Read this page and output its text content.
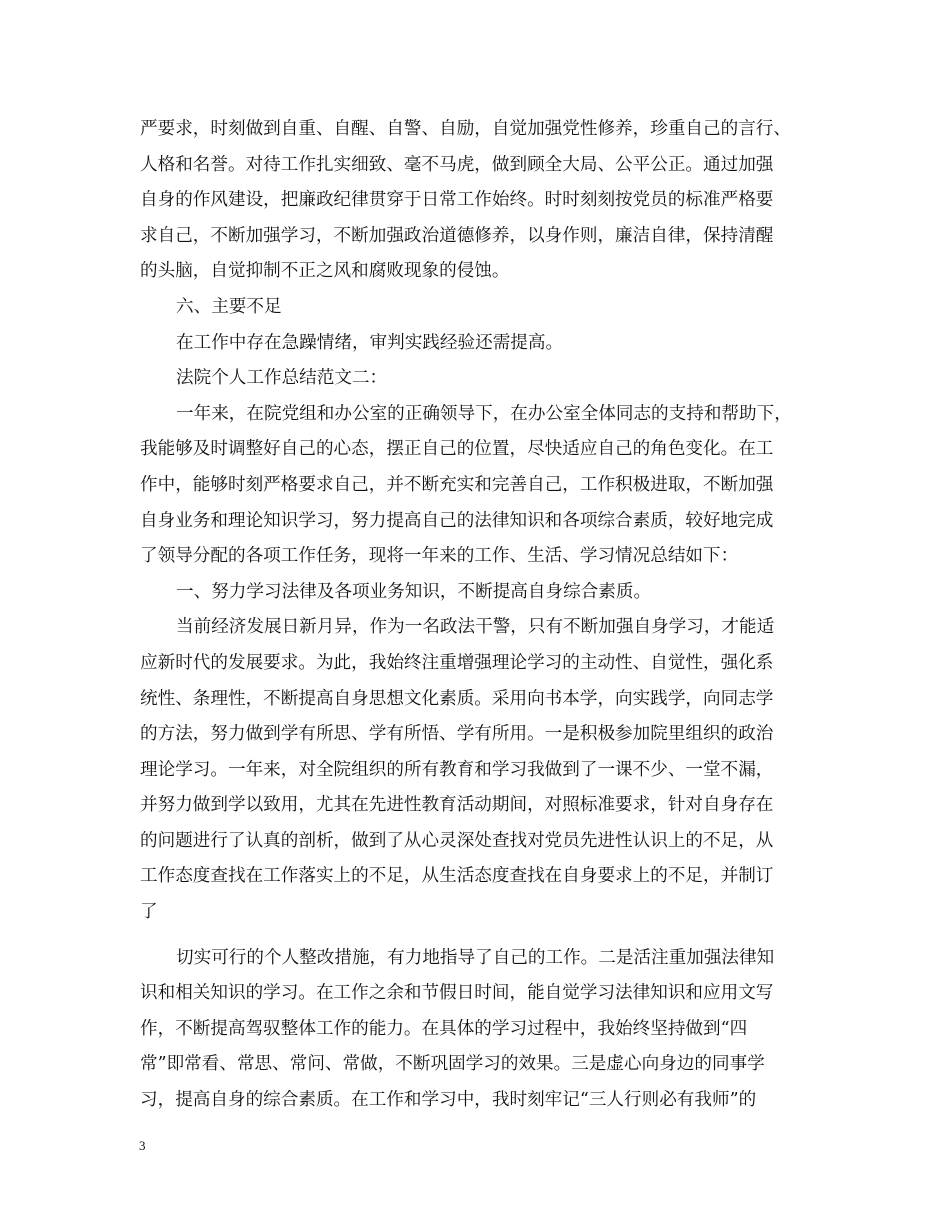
严要求，时刻做到自重、自醒、自警、自励，自觉加强党性修养，珍重自己的言行、
人格和名誉。对待工作扎实细致、毫不马虎，做到顾全大局、公平公正。通过加强
自身的作风建设，把廉政纪律贯穿于日常工作始终。时时刻刻按党员的标准严格要
求自己，不断加强学习，不断加强政治道德修养，以身作则，廉洁自律，保持清醒
的头脑，自觉抑制不正之风和腐败现象的侵蚀。
六、主要不足
在工作中存在急躁情绪，审判实践经验还需提高。
法院个人工作总结范文二：
一年来，在院党组和办公室的正确领导下，在办公室全体同志的支持和帮助下，
我能够及时调整好自己的心态，摆正自己的位置，尽快适应自己的角色变化。在工
作中，能够时刻严格要求自己，并不断充实和完善自己，工作积极进取，不断加强
自身业务和理论知识学习，努力提高自己的法律知识和各项综合素质，较好地完成
了领导分配的各项工作任务，现将一年来的工作、生活、学习情况总结如下：
一、努力学习法律及各项业务知识，不断提高自身综合素质。
当前经济发展日新月异，作为一名政法干警，只有不断加强自身学习，才能适
应新时代的发展要求。为此，我始终注重增强理论学习的主动性、自觉性，强化系
统性、条理性，不断提高自身思想文化素质。采用向书本学，向实践学，向同志学
的方法，努力做到学有所思、学有所悟、学有所用。一是积极参加院里组织的政治
理论学习。一年来，对全院组织的所有教育和学习我做到了一课不少、一堂不漏，
并努力做到学以致用，尤其在先进性教育活动期间，对照标准要求，针对自身存在
的问题进行了认真的剖析，做到了从心灵深处查找对党员先进性认识上的不足，从
工作态度查找在工作落实上的不足，从生活态度查找在自身要求上的不足，并制订
了
切实可行的个人整改措施，有力地指导了自己的工作。二是活注重加强法律知
识和相关知识的学习。在工作之余和节假日时间，能自觉学习法律知识和应用文写
作，不断提高驾驭整体工作的能力。在具体的学习过程中，我始终坚持做到“四
常”即常看、常思、常问、常做，不断巩固学习的效果。三是虚心向身边的同事学
习，提高自身的综合素质。在工作和学习中，我时刻牢记“三人行则必有我师”的
3
